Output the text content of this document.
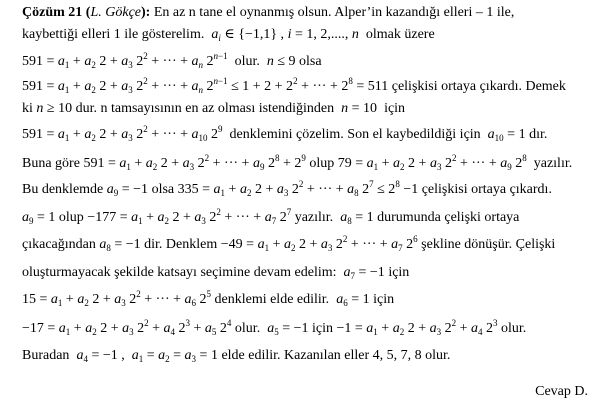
Çözüm 21 (L. Gökçe): En az n tane el oynanmış olsun. Alper’in kazandığı elleri – 1 ile,
kaybettiği elleri 1 ile gösterelim. $a_i$ ∈ {−1,1} , i = 1, 2,...., n olmak üzere
$591 = a_1 + a_2$ $2 + a_3$ $2^2$ + ··· + $a_n$ $2^{n-1}$ olur. n ≤ 9 olsa
$591 = a_1 + a_2$ $2 + a_3$ $2^2$ + ··· + $a_n$ $2^{n-1} \le 1 + 2 + 2^2$ + ··· + $2^8 = 511$ çelişkisi ortaya çıkardı. Demek
ki n ≥ 10 dur. n tamsayısının en az olması istendiğinden n = 10  için
$591 = a_1 + a_2$ $2 + a_3$ $2^2$ + ··· + $a_{10}$ $2^9$ denklemini çözelim. Son el kaybedildiği için $a_{10} = 1$ dır.
Buna göre $591 = a_1 + a_2$ $2 + a_3$ $2^2$ + ··· + $a_9$ $2^8 + 2^9$ olup $79 = a_1 + a_2$ $2 + a_3$ $2^2$ + ··· + $a_9$ $2^8$ yazılır.
Bu denklemde $a_9 = -1$ olsa $335 = a_1 + a_2$ $2 + a_3$ $2^2$ + ··· + $a_8$ $2^7 \le 2^8 -1$ çelişkisi ortaya çıkardı.
$a_9 = 1$ olup $-177 = a_1 + a_2$ $2 + a_3$ $2^2$ + ··· + $a_7$ $2^7$ yazılır. $a_8 = 1$ durumunda çelişki ortaya
çıkacağından $a_8 = -1$ dir. Denklem $-49 = a_1 + a_2$ $2 + a_3$ $2^2$ + ··· + $a_7$ $2^6$ şekline dönüşür. Çelişki
oluşturmayacak şekilde katsayı seçimine devam edelim: $a_7 = -1$ için
$15 = a_1 + a_2$ $2 + a_3$ $2^2$ + ··· + $a_6$ $2^5$ denklemi elde edilir. $a_6 = 1$ için
$-17 = a_1 + a_2$ $2 + a_3$ $2^2 + a_4$ $2^3 + a_5$ $2^4$ olur. $a_5 = -1$ için $-1 = a_1 + a_2$ $2 + a_3$ $2^2 + a_4$ $2^3$ olur.
Buradan $a_4 = -1$ ,  $a_1 = a_2 = a_3 = 1$ elde edilir. Kazanılan eller 4, 5, 7, 8 olur.
Cevap D.
